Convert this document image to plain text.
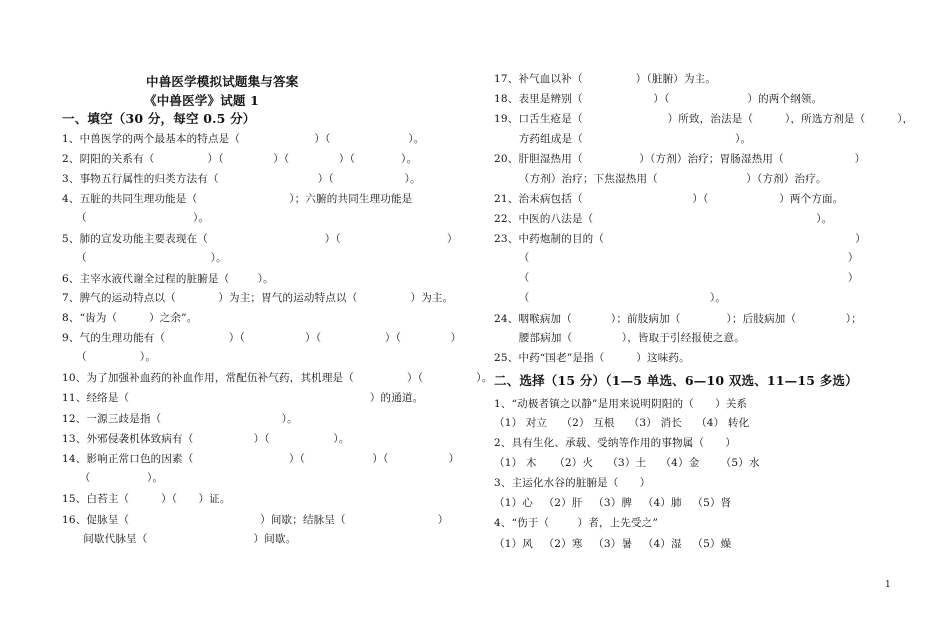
中兽医学模拟试题集与答案
《中兽医学》试题 1
一、填空（30 分，每空 0.5 分）
1、中兽医学的两个最基本的特点是（                     ）（                      ）。
2、阴阳的关系有（               ）（              ）（              ）（             ）。
3、事物五行属性的归类方法有（                            ）（                    ）。
4、五脏的共同生理功能是（                          ）；六腑的共同生理功能是
（                              ）。
5、肺的宣发功能主要表现在（                                 ）（                              ）
（                                   ）。
6、主宰水液代谢全过程的脏腑是（        ）。
7、脾气的运动特点以（            ）为主；胃气的运动特点以（               ）为主。
8、“齿为（         ）之余”。
9、气的生理功能有（                  ）（                 ）（                  ）（              ）
（               ）。
10、为了加强补血药的补血作用，常配伍补气药，其机理是（               ）（               ）。
11、经络是（                                                                    ）的通道。
12、一源三歧是指（                                  ）。
13、外邪侵袭机体致病有（                 ）（                  ）。
14、影响正常口色的因素（                           ）（                   ）（                 ）
（                ）。
15、白苔主（         ）（      ）证。
16、促脉呈（                                     ）间歇；结脉呈（                          ）
间歇代脉呈（                              ）间歇。
17、补气血以补（               ）（脏腑）为主。
18、表里是辨别（                    ）（                      ）的两个纲领。
19、口舌生疮是（                        ）所致，治法是（         ），所选方剂是（         ），
方药组成是（                                           ）。
20、肝胆湿热用（                ）（方剂）治疗；胃肠湿热用（                    ）
（方剂）治疗；下焦湿热用（                         ）（方剂）治疗。
21、治未病包括（                               ）（                    ）两个方面。
22、中医的八法是（                                                               ）。
23、中药炮制的目的（                                                                       ）
（                                                                                          ）
（                                                                                          ）
（                                                   ）。
24、咽喉病加（           ）；前肢病加（             ）；后肢病加（              ）；
腰部病加（              ），皆取于引经报使之意。
25、中药“国老”是指（         ）这味药。
二、选择（15 分）（1—5 单选、6—10 双选、11—15 多选）
1、“动极者镇之以静”是用来说明阴阳的（      ）关系
（1） 对立    （2） 互根    （3） 消长    （4） 转化
2、具有生化、承载、受纳等作用的事物属（      ）
（1） 木     （2）火    （3）土    （4）金      （5）水
3、主运化水谷的脏腑是（      ）
（1）心   （2）肝   （3）脾   （4）肺   （5）肾
4、“伤于（        ）者，上先受之”
（1）风   （2）寒   （3）暑   （4）湿   （5）燥
1
